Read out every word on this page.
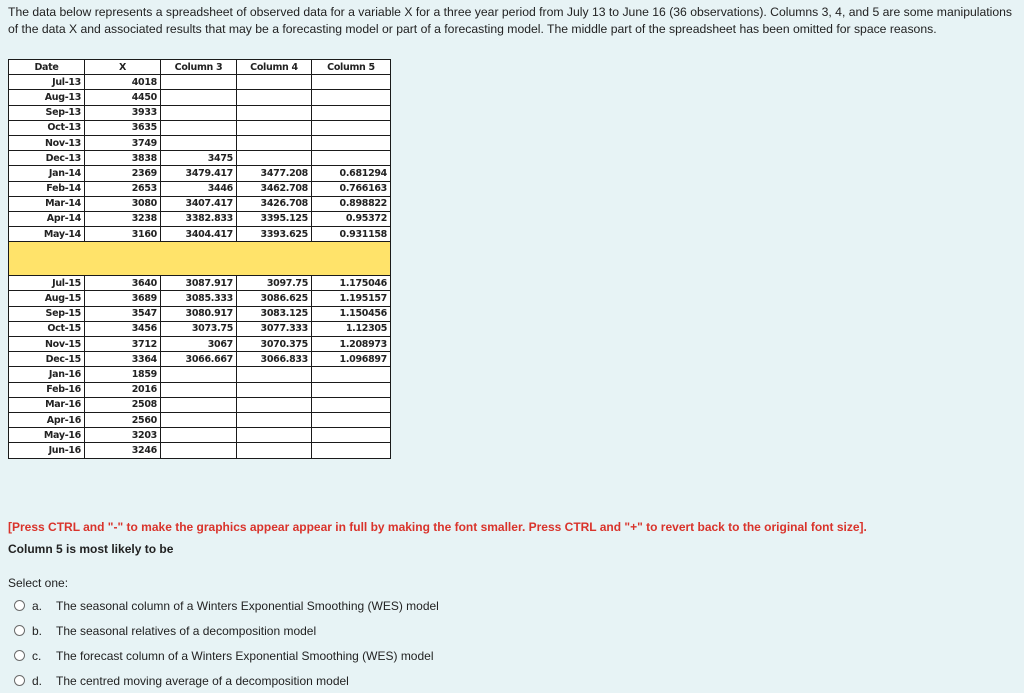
The data below represents a spreadsheet of observed data for a variable X for a three year period from July 13 to June 16 (36 observations). Columns 3, 4, and 5 are some manipulations of the data X and associated results that may be a forecasting model or part of a forecasting model. The middle part of the spreadsheet has been omitted for space reasons.

Date	X	Column 3	Column 4	Column 5
Jul-13	4018			
Aug-13	4450			
Sep-13	3933			
Oct-13	3635			
Nov-13	3749			
Dec-13	3838	3475		
Jan-14	2369	3479.417	3477.208	0.681294
Feb-14	2653	3446	3462.708	0.766163
Mar-14	3080	3407.417	3426.708	0.898822
Apr-14	3238	3382.833	3395.125	0.95372
May-14	3160	3404.417	3393.625	0.931158

Jul-15	3640	3087.917	3097.75	1.175046
Aug-15	3689	3085.333	3086.625	1.195157
Sep-15	3547	3080.917	3083.125	1.150456
Oct-15	3456	3073.75	3077.333	1.12305
Nov-15	3712	3067	3070.375	1.208973
Dec-15	3364	3066.667	3066.833	1.096897
Jan-16	1859			
Feb-16	2016			
Mar-16	2508			
Apr-16	2560			
May-16	3203			
Jun-16	3246			
[Press CTRL and "-" to make the graphics appear appear in full by making the font smaller. Press CTRL and "+" to revert back to the original font size].
Column 5 is most likely to be
Select one:
a.	The seasonal column of a Winters Exponential Smoothing (WES) model
b.	The seasonal relatives of a decomposition model
c.	The forecast column of a Winters Exponential Smoothing (WES) model
d.	The centred moving average of a decomposition model
